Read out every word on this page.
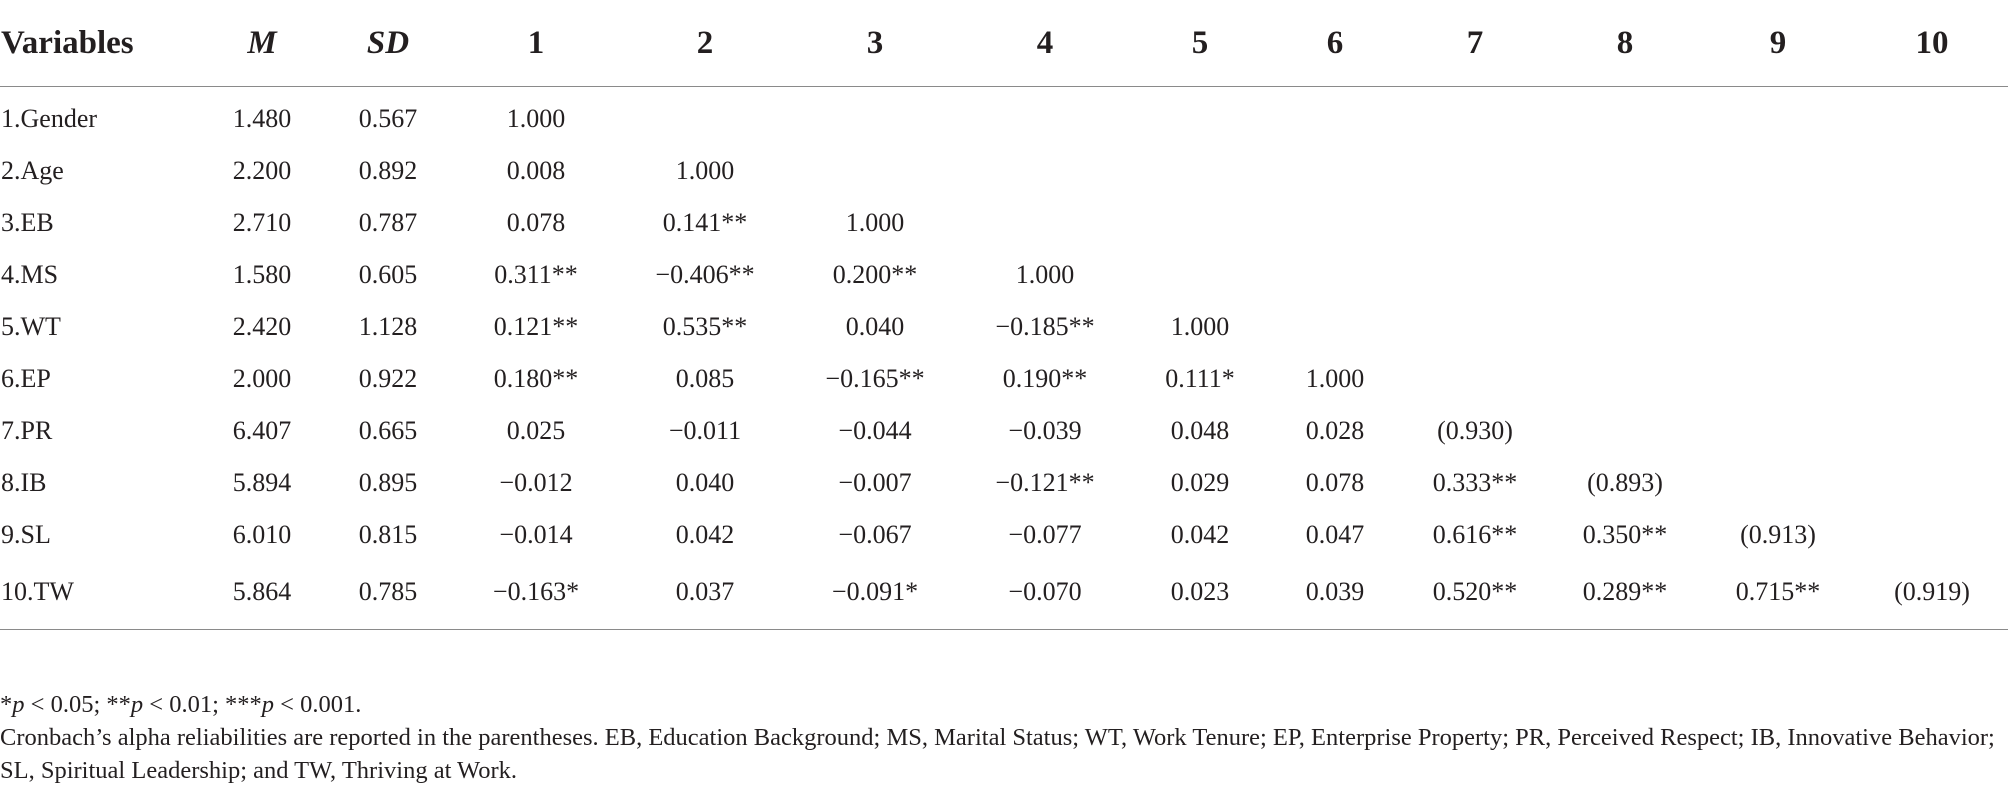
Variables	M	SD	1	2	3	4	5	6	7	8	9	10
1.Gender	1.480	0.567	1.000									
2.Age	2.200	0.892	0.008	1.000								
3.EB	2.710	0.787	0.078	0.141**	1.000							
4.MS	1.580	0.605	0.311**	−0.406**	0.200**	1.000						
5.WT	2.420	1.128	0.121**	0.535**	0.040	−0.185**	1.000					
6.EP	2.000	0.922	0.180**	0.085	−0.165**	0.190**	0.111*	1.000				
7.PR	6.407	0.665	0.025	−0.011	−0.044	−0.039	0.048	0.028	(0.930)			
8.IB	5.894	0.895	−0.012	0.040	−0.007	−0.121**	0.029	0.078	0.333**	(0.893)		
9.SL	6.010	0.815	−0.014	0.042	−0.067	−0.077	0.042	0.047	0.616**	0.350**	(0.913)	
10.TW	5.864	0.785	−0.163*	0.037	−0.091*	−0.070	0.023	0.039	0.520**	0.289**	0.715**	(0.919)

*p < 0.05; **p < 0.01; ***p < 0.001.

Cronbach’s alpha reliabilities are reported in the parentheses. EB, Education Background; MS, Marital Status; WT, Work Tenure; EP, Enterprise Property; PR, Perceived Respect; IB, Innovative Behavior; SL, Spiritual Leadership; and TW, Thriving at Work.
